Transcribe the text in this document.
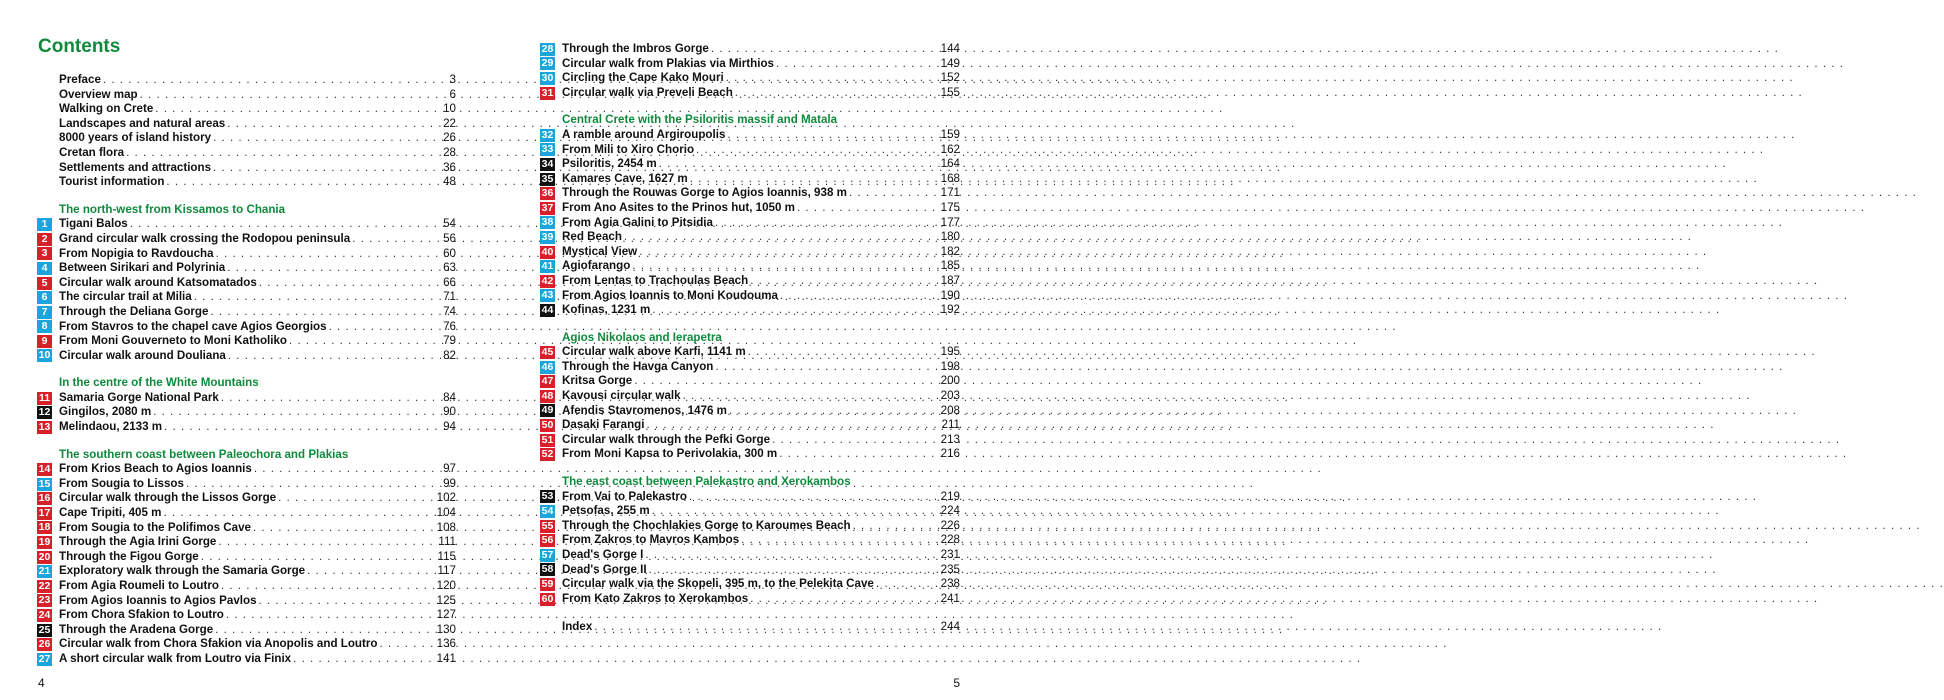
Contents
Preface . . .	3
Overview map . . .	6
Walking on Crete . . .	10
Landscapes and natural areas . . .	22
8000 years of island history . . .	26
Cretan flora . . .	28
Settlements and attractions . . .	36
Tourist information . . .	48
The north-west from Kissamos to Chania
1 Tigani Balos . . .	54
2 Grand circular walk crossing the Rodopou peninsula . . .	56
3 From Nopigia to Ravdoucha . . .	60
4 Between Sirikari and Polyrinia . . .	63
5 Circular walk around Katsomatados . . .	66
6 The circular trail at Milia . . .	71
7 Through the Deliana Gorge . . .	74
8 From Stavros to the chapel cave Agios Georgios . . .	76
9 From Moni Gouverneto to Moni Katholiko . . .	79
10 Circular walk around Douliana . . .	82
In the centre of the White Mountains
11 Samaria Gorge National Park . . .	84
12 Gingilos, 2080 m . . .	90
13 Melindaou, 2133 m . . .	94
The southern coast between Paleochora and Plakias
14 From Krios Beach to Agios Ioannis . . .	97
15 From Sougia to Lissos . . .	99
16 Circular walk through the Lissos Gorge . . .	102
17 Cape Tripiti, 405 m . . .	104
18 From Sougia to the Polifimos Cave . . .	108
19 Through the Agia Irini Gorge . . .	111
20 Through the Figou Gorge . . .	115
21 Exploratory walk through the Samaria Gorge . . .	117
22 From Agia Roumeli to Loutro . . .	120
23 From Agios Ioannis to Agios Pavlos . . .	125
24 From Chora Sfakion to Loutro . . .	127
25 Through the Aradena Gorge . . .	130
26 Circular walk from Chora Sfakion via Anopolis and Loutro . . .	136
27 A short circular walk from Loutro via Finix . . .	141
4
28 Through the Imbros Gorge . . .	144
29 Circular walk from Plakias via Mirthios . . .	149
30 Circling the Cape Kako Mouri . . .	152
31 Circular walk via Preveli Beach . . .	155
Central Crete with the Psiloritis massif and Matala
32 A ramble around Argiroupolis . . .	159
33 From Mili to Xiro Chorio . . .	162
34 Psiloritis, 2454 m . . .	164
35 Kamares Cave, 1627 m . . .	168
36 Through the Rouwas Gorge to Agios Ioannis, 938 m . . .	171
37 From Ano Asites to the Prinos hut, 1050 m . . .	175
38 From Agia Galini to Pitsidia . . .	177
39 Red Beach . . .	180
40 Mystical View . . .	182
41 Agiofarango . . .	185
42 From Lentas to Trachoulas Beach . . .	187
43 From Agios Ioannis to Moni Koudouma . . .	190
44 Kofinas, 1231 m . . .	192
Agios Nikolaos and Ierapetra
45 Circular walk above Karfi, 1141 m . . .	195
46 Through the Havga Canyon . . .	198
47 Kritsa Gorge . . .	200
48 Kavousi circular walk . . .	203
49 Afendis Stavromenos, 1476 m . . .	208
50 Dasaki Farangi . . .	211
51 Circular walk through the Pefki Gorge . . .	213
52 From Moni Kapsa to Perivolakia, 300 m . . .	216
The east coast between Palekastro and Xerokambos
53 From Vai to Palekastro . . .	219
54 Petsofas, 255 m . . .	224
55 Through the Chochlakies Gorge to Karoumes Beach . . .	226
56 From Zakros to Mavros Kambos . . .	228
57 Dead's Gorge I . . .	231
58 Dead's Gorge II . . .	235
59 Circular walk via the Skopeli, 395 m, to the Pelekita Cave . . .	238
60 From Kato Zakros to Xerokambos . . .	241
Index . . .	244
5
